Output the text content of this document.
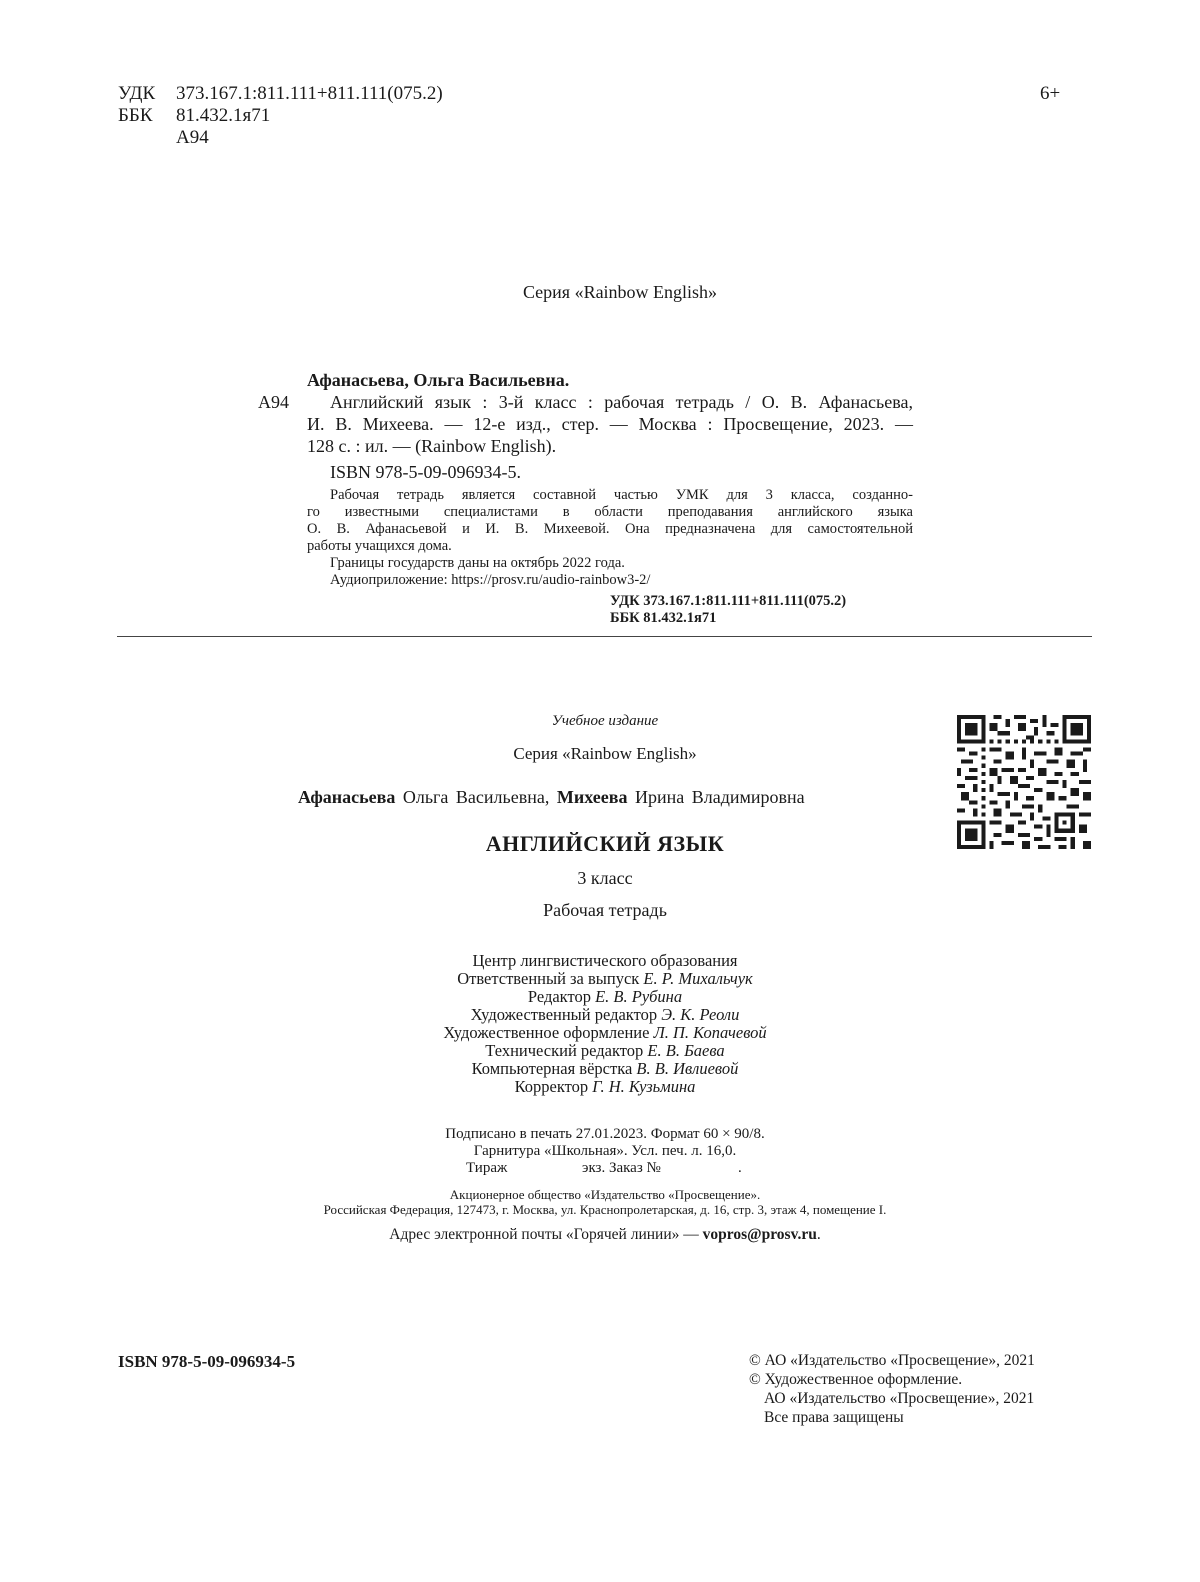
УДК 373.167.1:811.111+811.111(075.2)
ББК 81.432.1я71
А94
6+
Серия «Rainbow English»
Афанасьева, Ольга Васильевна.
А94 Английский язык : 3-й класс : рабочая тетрадь / О. В. Афанасьева,
И. В. Михеева. — 12-е изд., стер. — Москва : Просвещение, 2023. —
128 с. : ил. — (Rainbow English).
ISBN 978-5-09-096934-5.
Рабочая тетрадь является составной частью УМК для 3 класса, созданно-
го известными специалистами в области преподавания английского языка
О. В. Афанасьевой и И. В. Михеевой. Она предназначена для самостоятельной
работы учащихся дома.
Границы государств даны на октябрь 2022 года.
Аудиоприложение: https://prosv.ru/audio-rainbow3-2/
УДК 373.167.1:811.111+811.111(075.2)
ББК 81.432.1я71
Учебное издание
Серия «Rainbow English»
Афанасьева Ольга Васильевна, Михеева Ирина Владимировна
АНГЛИЙСКИЙ ЯЗЫК
3 класс
Рабочая тетрадь
Центр лингвистического образования
Ответственный за выпуск Е. Р. Михальчук
Редактор Е. В. Рубина
Художественный редактор Э. К. Реоли
Художественное оформление Л. П. Копачевой
Технический редактор Е. В. Баева
Компьютерная вёрстка В. В. Ивлиевой
Корректор Г. Н. Кузьмина
Подписано в печать 27.01.2023. Формат 60 × 90/8.
Гарнитура «Школьная». Усл. печ. л. 16,0.
Тираж	экз. Заказ №	.
Акционерное общество «Издательство «Просвещение».
Российская Федерация, 127473, г. Москва, ул. Краснопролетарская, д. 16, стр. 3, этаж 4, помещение I.
Адрес электронной почты «Горячей линии» — vopros@prosv.ru.
ISBN 978-5-09-096934-5	© АО «Издательство «Просвещение», 2021
© Художественное оформление.
АО «Издательство «Просвещение», 2021
Все права защищены
